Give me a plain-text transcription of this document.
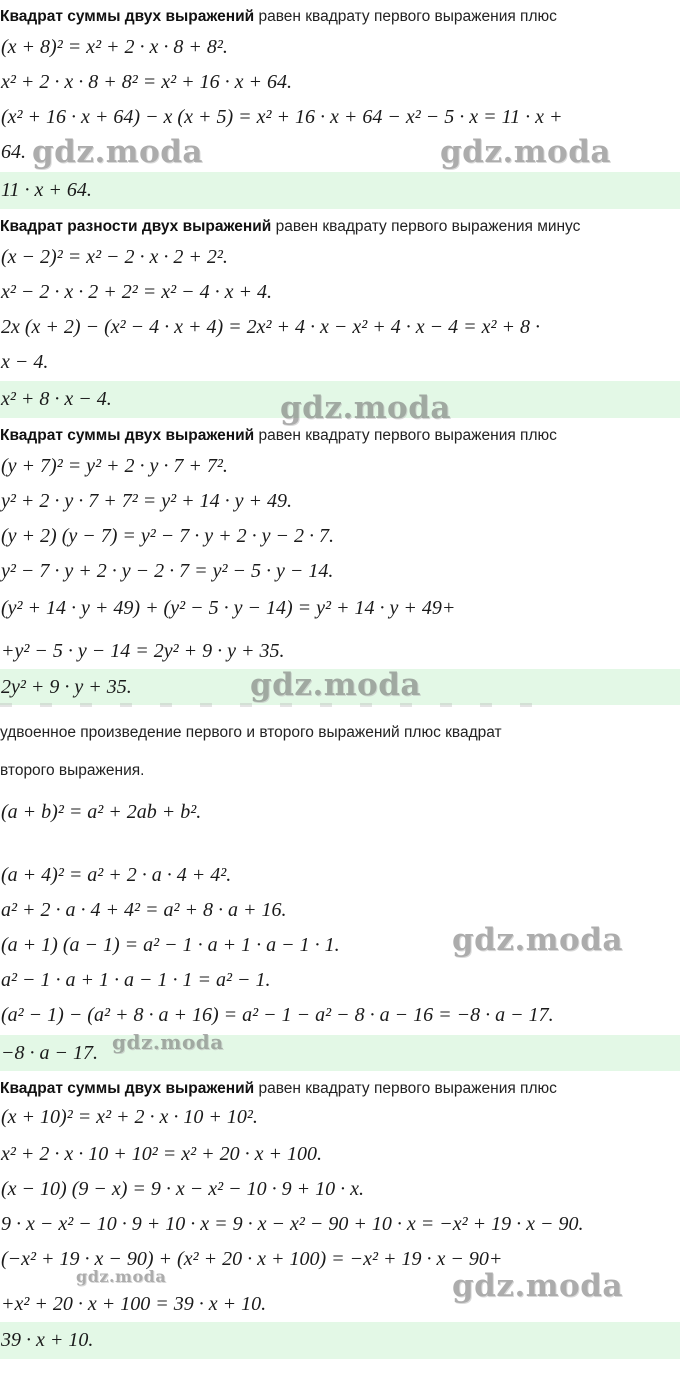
Квадрат суммы двух выражений равен квадрату первого выражения плюс
(x + 8)² = x² + 2 · x · 8 + 8².
x² + 2 · x · 8 + 8² = x² + 16 · x + 64.
(x² + 16 · x + 64) − x (x + 5) = x² + 16 · x + 64 − x² − 5 · x = 11 · x +
64.
11 · x + 64.
Квадрат разности двух выражений равен квадрату первого выражения минус
(x − 2)² = x² − 2 · x · 2 + 2².
x² − 2 · x · 2 + 2² = x² − 4 · x + 4.
2x (x + 2) − (x² − 4 · x + 4) = 2x² + 4 · x − x² + 4 · x − 4 = x² + 8 ·
x − 4.
x² + 8 · x − 4.
Квадрат суммы двух выражений равен квадрату первого выражения плюс
(y + 7)² = y² + 2 · y · 7 + 7².
y² + 2 · y · 7 + 7² = y² + 14 · y + 49.
(y + 2) (y − 7) = y² − 7 · y + 2 · y − 2 · 7.
y² − 7 · y + 2 · y − 2 · 7 = y² − 5 · y − 14.
(y² + 14 · y + 49) + (y² − 5 · y − 14) = y² + 14 · y + 49+
+y² − 5 · y − 14 = 2y² + 9 · y + 35.
2y² + 9 · y + 35.
удвоенное произведение первого и второго выражений плюс квадрат
второго выражения.
(a + b)² = a² + 2ab + b².
(a + 4)² = a² + 2 · a · 4 + 4².
a² + 2 · a · 4 + 4² = a² + 8 · a + 16.
(a + 1) (a − 1) = a² − 1 · a + 1 · a − 1 · 1.
a² − 1 · a + 1 · a − 1 · 1 = a² − 1.
(a² − 1) − (a² + 8 · a + 16) = a² − 1 − a² − 8 · a − 16 = −8 · a − 17.
−8 · a − 17.
Квадрат суммы двух выражений равен квадрату первого выражения плюс
(x + 10)² = x² + 2 · x · 10 + 10².
x² + 2 · x · 10 + 10² = x² + 20 · x + 100.
(x − 10) (9 − x) = 9 · x − x² − 10 · 9 + 10 · x.
9 · x − x² − 10 · 9 + 10 · x = 9 · x − x² − 90 + 10 · x = −x² + 19 · x − 90.
(−x² + 19 · x − 90) + (x² + 20 · x + 100) = −x² + 19 · x − 90+
+x² + 20 · x + 100 = 39 · x + 10.
39 · x + 10.
gdz.moda	gdz.moda
gdz.moda
gdz.moda
gdz.moda
gdz.moda
gdz.moda	gdz.moda
